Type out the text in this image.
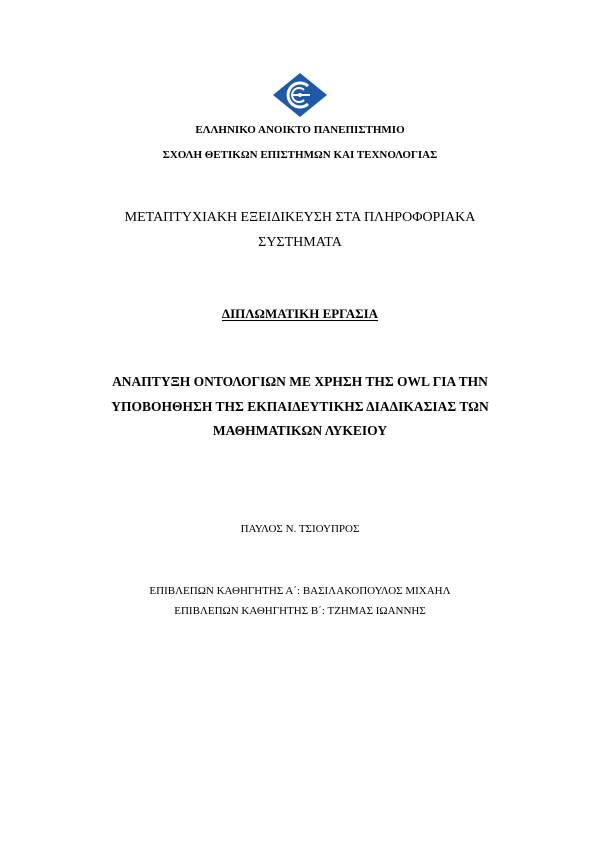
ΕΛΛΗΝΙΚΟ ΑΝΟΙΚΤΟ ΠΑΝΕΠΙΣΤΗΜΙΟ
ΣΧΟΛΗ ΘΕΤΙΚΩΝ ΕΠΙΣΤΗΜΩΝ ΚΑΙ ΤΕΧΝΟΛΟΓΙΑΣ
ΜΕΤΑΠΤΥΧΙΑΚΗ ΕΞΕΙΔΙΚΕΥΣΗ ΣΤΑ ΠΛΗΡΟΦΟΡΙΑΚΑ
ΣΥΣΤΗΜΑΤΑ
ΔΙΠΛΩΜΑΤΙΚΗ ΕΡΓΑΣΙΑ
ΑΝΑΠΤΥΞΗ ΟΝΤΟΛΟΓΙΩΝ ΜΕ ΧΡΗΣΗ ΤΗΣ OWL ΓΙΑ ΤΗΝ
ΥΠΟΒΟΗΘΗΣΗ ΤΗΣ ΕΚΠΑΙΔΕΥΤΙΚΗΣ ΔΙΑΔΙΚΑΣΙΑΣ ΤΩΝ
ΜΑΘΗΜΑΤΙΚΩΝ ΛΥΚΕΙΟΥ
ΠΑΥΛΟΣ Ν. ΤΣΙΟΥΠΡΟΣ
ΕΠΙΒΛΕΠΩΝ ΚΑΘΗΓΗΤΗΣ Α΄: ΒΑΣΙΛΑΚΟΠΟΥΛΟΣ ΜΙΧΑΗΛ
ΕΠΙΒΛΕΠΩΝ ΚΑΘΗΓΗΤΗΣ Β΄: ΤΖΗΜΑΣ ΙΩΑΝΝΗΣ
